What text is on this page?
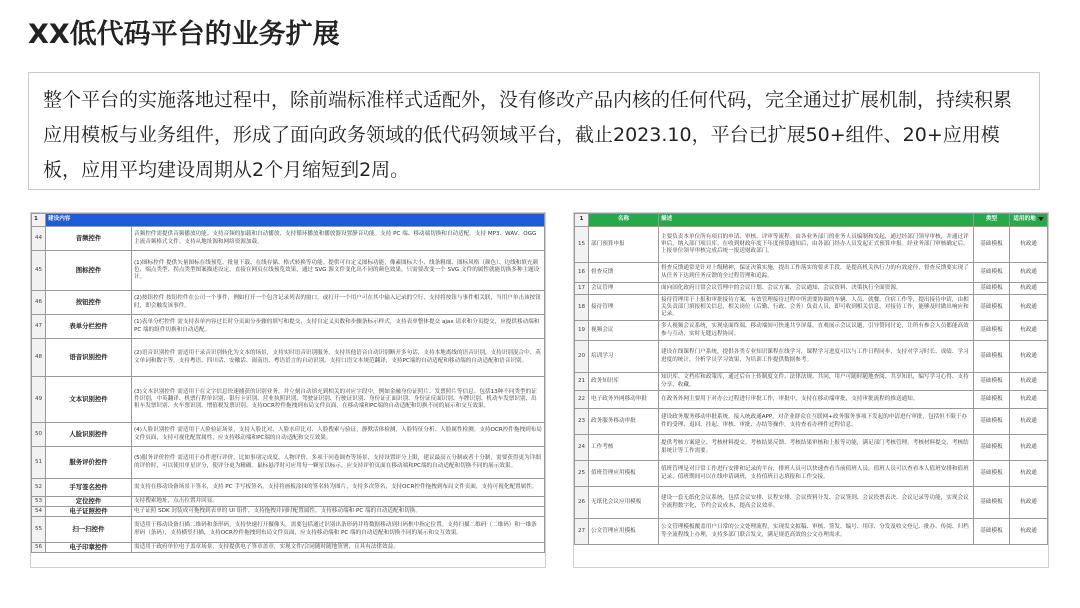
XX低代码平台的业务扩展
整个平台的实施落地过程中，除前端标准样式适配外，没有修改产品内核的任何代码，完全通过扩展机制，持续积累应用模板与业务组件，形成了面向政务领域的低代码领域平台，截止2023.10，平台已扩展50+组件、20+应用模板，应用平均建设周期从2个月缩短到2周。
1	建设内容	
44	音频控件	音频控件需提供音频播放功能。支持音频的加载和自动播放，支持循环播放和播放器设置静音功能。支持 PC 端、移动端切换和自动适配。支持 MP3、WAV、OGG 主流音频格式文件。支持从地址源和网络资源加载。
45	图标控件	(1)图标控件 提供矢量图标在线预览、批量下载、在线存储、格式转换等功能。提供可自定义图标功能，像素图标大小、线条粗细、图标风格（颜色）、边线和填充颜色、端点类型、拐点类型图案描述设定，直接在网页在线预览效果，通过 SVG 源文件变化出不同的颜色效果，只需要改变一个 SVG 文件的属性就能切换多种主题设计。
46	按钮控件	(2)按钮控件 按钮控件在公司一个事件，例如打开一个包含记录列表的窗口，或打开一个用户可在其中输入记录的空行，支持将按钮与事件相关联，当用户单击该按钮时，即会触发该事件。
47	表单分栏控件	(1)表单分栏控件 需支持表单内容过长时分页面分步骤的填写和提交，支持自定义页数和步骤条标示样式，支持表单整体提交 ajax 请求和分页提交，应提供移动端和 PC 端的组件切换和自动适配。
48	语音识别控件	(2)语音识别控件 需适用于录音识别转化为文本的场景，支持实时语音识别服务，支持其他语音自动识别断开多句话，支持本地离线的语音识别，支持识别混合中、英文单词和数字等，支持粤语、四川话、安徽话、闽南语、粤语语言的自动识别。支持口语文本规范翻译，支持PC端的自动适配和移动端的自动适配和语音识别。
49	文本识别控件	(3)文本识别控件 需适用于在文字信息快速捕获的识别业务，并立刻自动填充到相关的对应字段中，例如金融身份证照片、发票照片等信息。包括13种不同类型的证件识别，中英翻译、机票行程单识别、银行卡识别、营业执照识别、驾驶证识别、行驶证识别、身份证正面识别、身份证反面识别、车牌识别、机动车发票识别、出租车发票识别、火车票识别、增值税发票识别。支持OCR控件拖拽到布局文件页面，在移动端和PC端的自动适配和切换不同的展示和交互效果。
50	人脸识别控件	(4)人脸识别控件 需适用于人脸验证场景，支持人脸比对、人脸水印比对、人脸搜索与验证，静默活体检测、人脸特征分析、人脸属性检测。支持OCR控件拖拽到布局文件页面，支持可视化配置属性，应支持移动端和PC端的自动适配和交互效果。
51	服务评价控件	(5)服务评价控件 需适用于办件进行评价，比如事项完成度、人物评价、多项干问卷调查等场景，支持设置评分上限，建议最高五分制或者十分制，需要获得更为详细的评价时，可以使用单星评分，使评分更为精确。鼠标悬浮时可应用每一颗星以标示，应支持评价页面在移动端和PC端的自动适配和切换不同的展示效果。
52	手写签名控件	需支持在移动设备场景下签名，支持 PC 手写板签名。支持将画板涂抹的签名转为图片，支持多次签名，支持OCR控件拖拽到布局文件页面，支持可视化配置属性。
53	定位控件	支持搜索地址，点击位置并回显。
54	电子证照控件	电子证照 SDK 封装成可拖拽到表单的 UI 组件，支持拖拽并同时配置属性，支持移动端和 PC 端的自动适配和切换。
55	扫一扫控件	需适用于移动设备扫描二维码和条形码，支持快速打开摄像头，需要包括通过识别出条形码并将数据移动到扫码框中指定位置。支持扫描二维码（二维码）和一维条形码（条码），支持横竖扫描，支持OCR控件拖拽到布局文件页面，应支持移动端和 PC 端的自动适配和切换不同的展示和交互效果。
56	电子印章控件	需适用于政府单位电子盖章场景，支持提供电子签章盖章，实现文件/合同随时随地签署，且具有法律效益。
1	名称	描述	类型	适用的地
15	部门预算申报	主要负责本单位所有项目的申请、审核、评审等流程。由各业务部门的业务人员编制和发起，通过经部门领导审核，并通过评审后，纳入部门项目库。在收到财政年度下年度预算通知后，由各部门经办人员发起正式预算申报。经业务部门审核确定后，上报单位领导审核完成后统一报送财政部门。	基础模板	杭政通
16	督查反馈	督查反馈通常是针对上级精神，保证决策实施，提出工作落实的要求手段。是提高机关执行力的有效途径，督查反馈要实现了从任务下达到任务反馈的全过程管理和追踪。	基础模板	杭政通
17	会议管理	面向固化政府日常会议管理中的会议计划、会议方案、会议通知、会议资料、决策执行全面资源。	基础模板	杭政通
18	接待管理	接待管理用于上报和审批接待方案，有效管理接待过程中所需要协调的车辆、人员、就餐、住宿工作等，提出接待申请，由相关负责部门填报相关信息，相关岗位（后勤、行政、会务）负责人员，即可收到相关信息，对接待工作，能够及时做出响应和记录。	基础模板	杭政通
19	视频会议	多人视频会议系统，实现桌面终端、移动端间可快速共享屏幕，直观展示会议议题，引导赞同讨论，让所有参会人员都能高效参与互动，实时无缝远程协同。	基础模板	杭政通
20	培训学习	建设在线课程门户系统，提供各类专业知识课程在线学习，课程学习进度可以与工作日程同步，支持对学习时长、成绩、学习进度的统计，分析学员学习效果，为培训工作提供数据参考。	基础模板	杭政通
21	政务知识库	知识库、文档库和政策库，通过后台上传制度文件、法律法规、共同，用户可随时随地查阅、共享知识，编写学习心得、支持分享、收藏。	基础模板	杭政通
22	电子政务外网移动审批	在政务外网主要用于对办公过程进行审批工作，审批中，支持在移动端审批，支持审批流程的推送通知。	基础模板	杭政通
23	政务服务移动审批	建设政务服务移动审批系统，接入统政通APP，对企业群众在互联网+政务服务事项下发起的申请进行审批，包括但不限于办件的受理、退回、挂起、审核、审批、办结等操作，支持查看办理件过程信息。	基础模板	杭政通
24	工作考核	提供考核方案建立、考核材料提交、考核结果反馈、考核结果审核和上报等功能，满足部门考核管理，考核材料提交，考核结果统计等工作需要。	基础模板	杭政通
25	值班管理应用模板	值班管理是对日常工作进行安排和记录的平台，排班人员可以快速查看当前值班人员，值班人员可以查看本人值班安排和值班记录，值班期间可以在线申请调班，支持值班日志填报和工作交接。	基础模板	杭政通
26	无纸化会议应用模板	建设一套无纸化会议系统，包括会议安排、议程安排、会议资料分发、会议签到、会议投票表决、会议记录等功能，实现会议全流程数字化，节约会议成本，提高会议效率。	基础模板	杭政通
27	公文管理应用模板	公文管理模板覆盖用户日常的公文处理流程，实现发文拟稿、审核、签发、编号、用印、分发及收文登记、批办、传阅、归档等全流程线上办理，支持多部门联合发文，满足规范高效的公文办理需求。	基础模板	杭政通
